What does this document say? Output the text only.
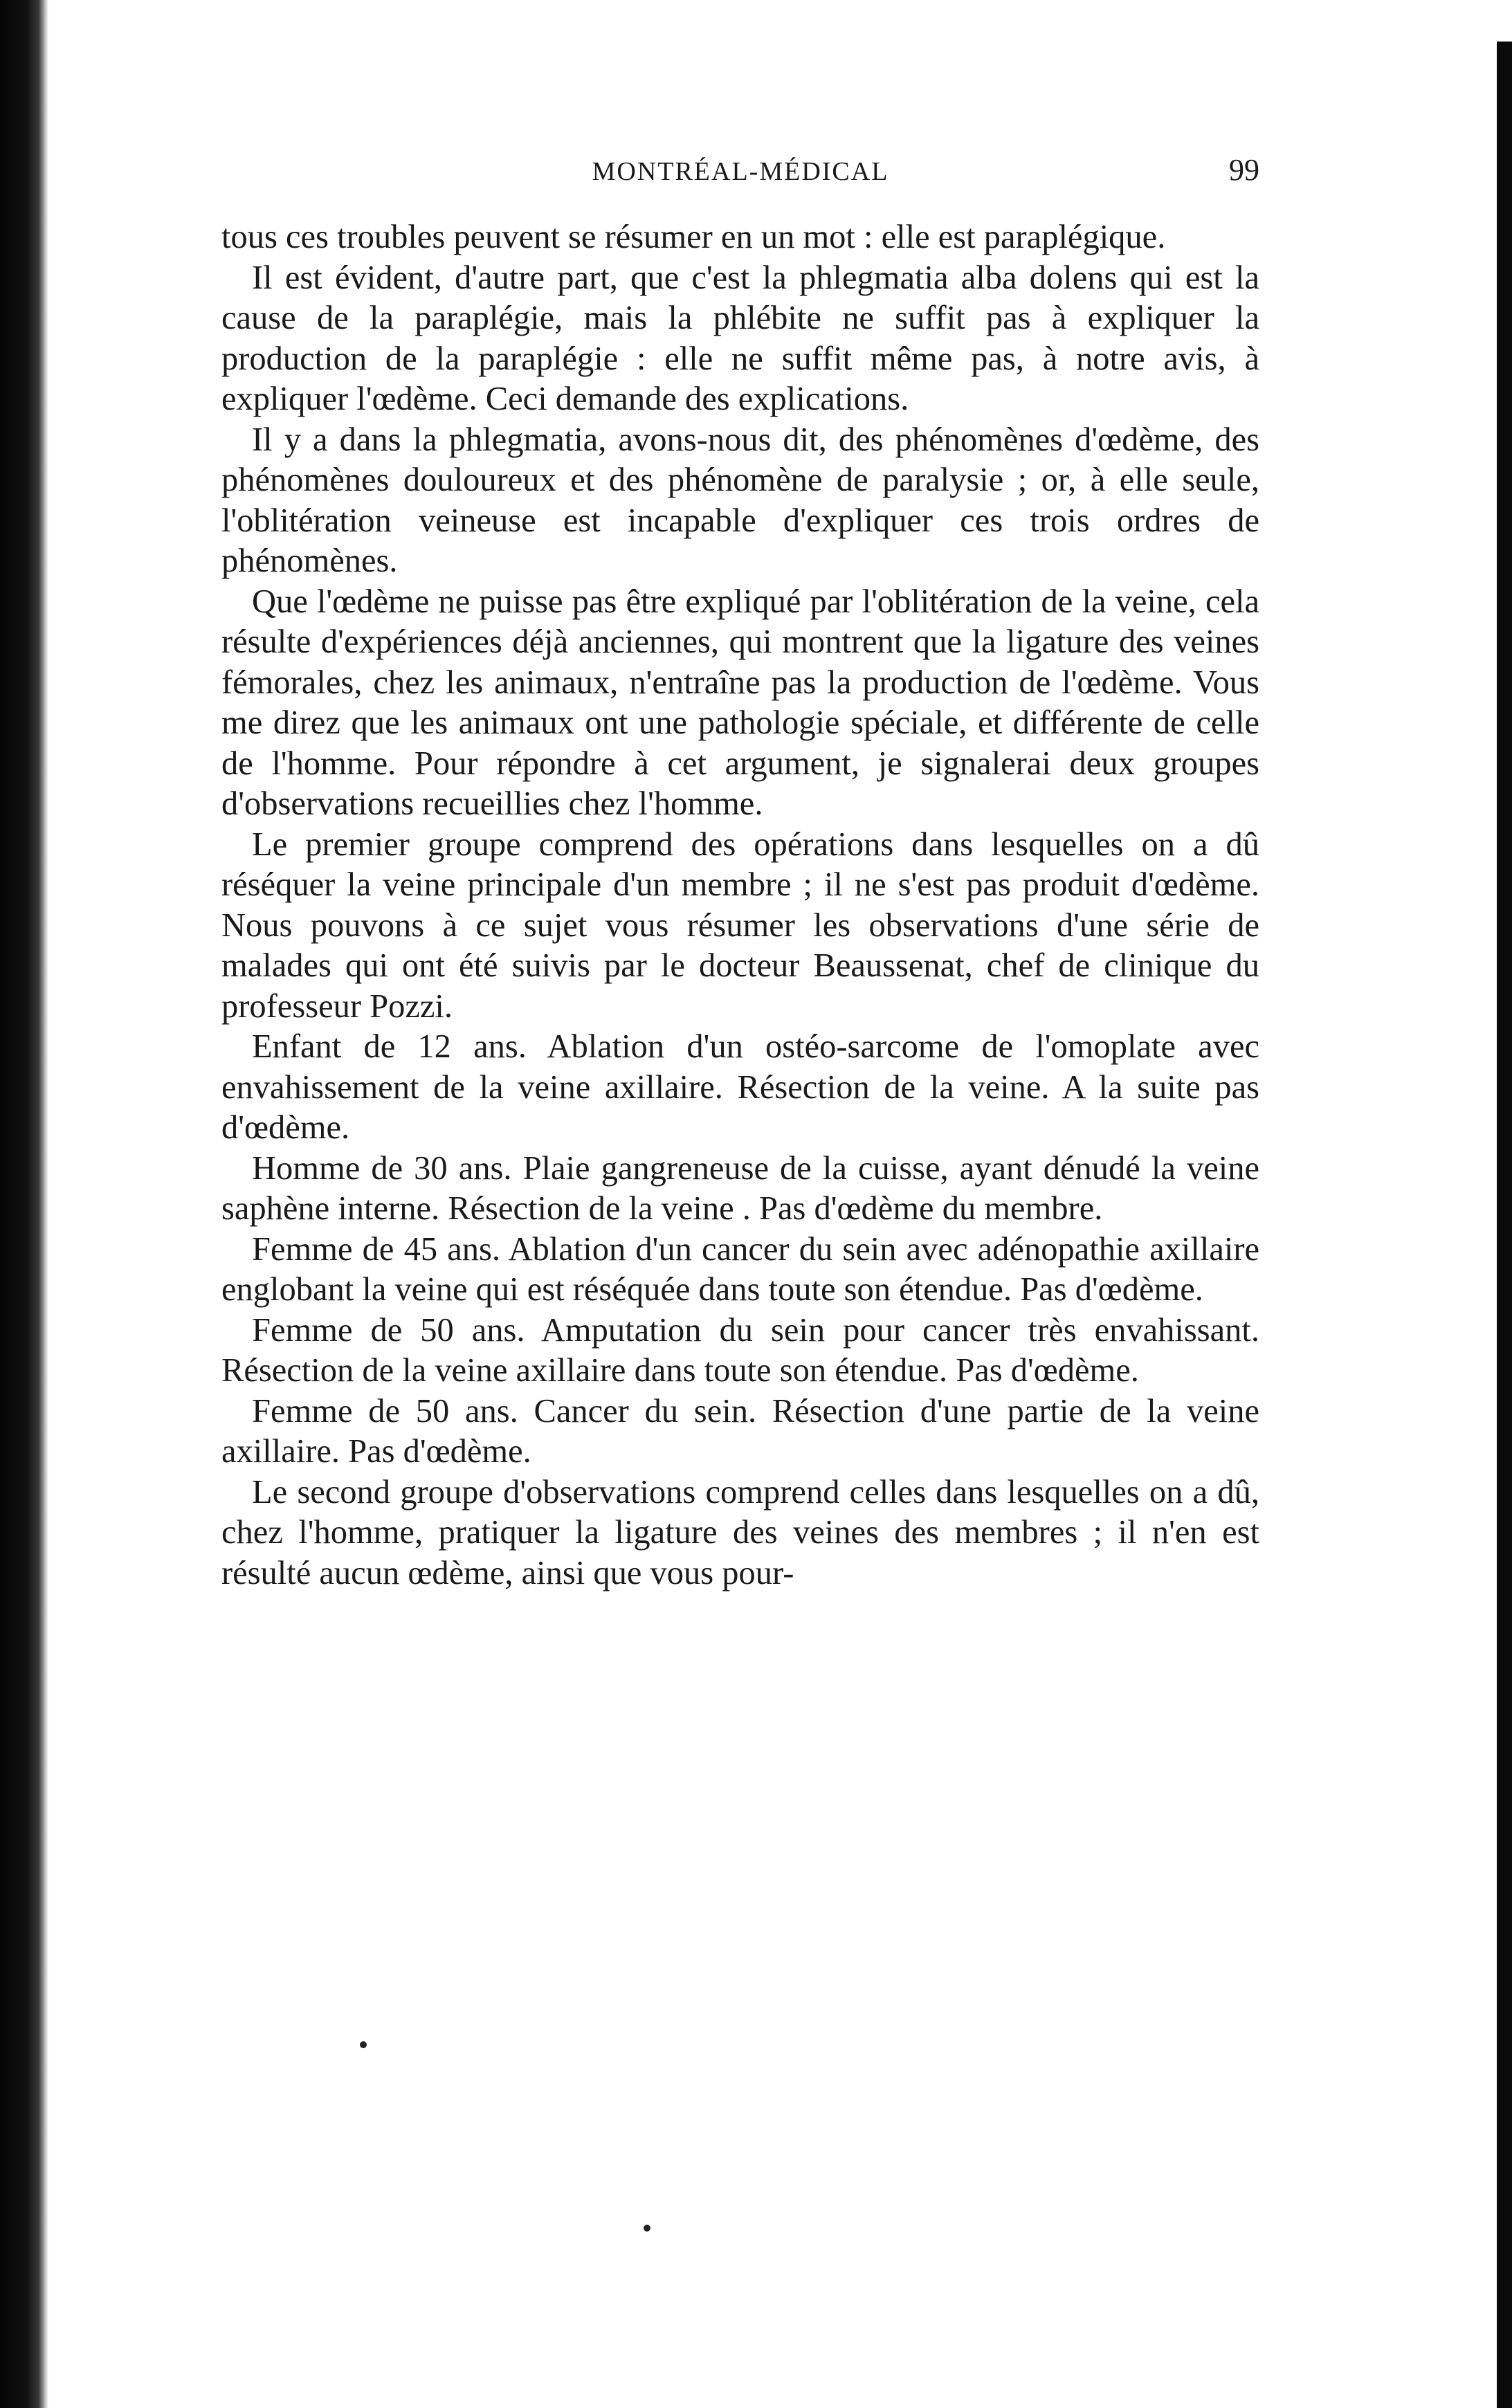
MONTRÉAL-MÉDICAL	99

tous ces troubles peuvent se résumer en un mot : elle est paraplégique.

Il est évident, d'autre part, que c'est la phlegmatia alba dolens qui est la cause de la paraplégie, mais la phlébite ne suffit pas à expliquer la production de la paraplégie : elle ne suffit même pas, à notre avis, à expliquer l'œdème. Ceci demande des explications.

Il y a dans la phlegmatia, avons-nous dit, des phénomènes d'œdème, des phénomènes douloureux et des phénomène de paralysie ; or, à elle seule, l'oblitération veineuse est incapable d'expliquer ces trois ordres de phénomènes.

Que l'œdème ne puisse pas être expliqué par l'oblitération de la veine, cela résulte d'expériences déjà anciennes, qui montrent que la ligature des veines fémorales, chez les animaux, n'entraîne pas la production de l'œdème. Vous me direz que les animaux ont une pathologie spéciale, et différente de celle de l'homme. Pour répondre à cet argument, je signalerai deux groupes d'observations recueillies chez l'homme.

Le premier groupe comprend des opérations dans lesquelles on a dû réséquer la veine principale d'un membre ; il ne s'est pas produit d'œdème. Nous pouvons à ce sujet vous résumer les observations d'une série de malades qui ont été suivis par le docteur Beaussenat, chef de clinique du professeur Pozzi.

Enfant de 12 ans. Ablation d'un ostéo-sarcome de l'omoplate avec envahissement de la veine axillaire. Résection de la veine. A la suite pas d'œdème.

Homme de 30 ans. Plaie gangreneuse de la cuisse, ayant dénudé la veine saphène interne. Résection de la veine . Pas d'œdème du membre.

Femme de 45 ans. Ablation d'un cancer du sein avec adénopathie axillaire englobant la veine qui est réséquée dans toute son étendue. Pas d'œdème.

Femme de 50 ans. Amputation du sein pour cancer très envahissant. Résection de la veine axillaire dans toute son étendue. Pas d'œdème.

Femme de 50 ans. Cancer du sein. Résection d'une partie de la veine axillaire. Pas d'œdème.

Le second groupe d'observations comprend celles dans lesquelles on a dû, chez l'homme, pratiquer la ligature des veines des membres ; il n'en est résulté aucun œdème, ainsi que vous pour-
